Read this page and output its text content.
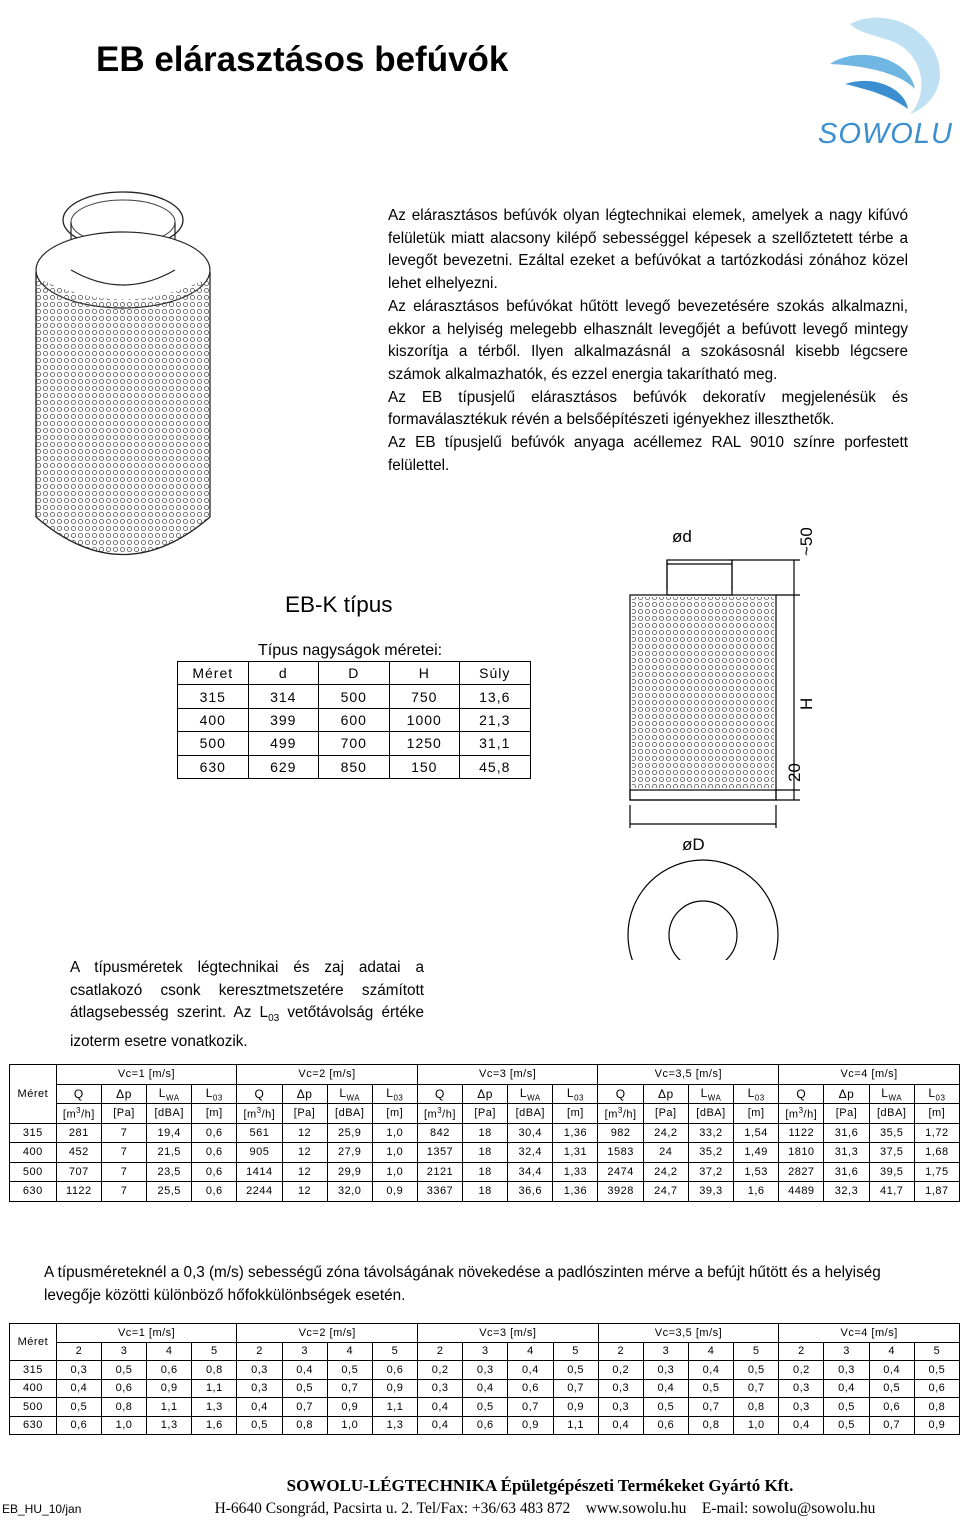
EB elárasztásos befúvók
SOWOLU

Az elárasztásos befúvók olyan légtechnikai elemek, amelyek a nagy kifúvó felületük miatt alacsony kilépő sebességgel képesek a szellőztetett térbe a levegőt bevezetni. Ezáltal ezeket a befúvókat a tartózkodási zónához közel lehet elhelyezni.

Az elárasztásos befúvókat hűtött levegő bevezetésére szokás alkalmazni, ekkor a helyiség melegebb elhasznált levegőjét a befúvott levegő mintegy kiszorítja a térből. Ilyen alkalmazásnál a szokásosnál kisebb légcsere számok alkalmazhatók, és ezzel energia takarítható meg.

Az EB típusjelű elárasztásos befúvók dekoratív megjelenésük és formaválasztékuk révén a belsőépítészeti igényekhez illeszthetők.

Az EB típusjelű befúvók anyaga acéllemez RAL 9010 színre porfestett felülettel.

ød
øD
~50
H
20
EB-K típus
Típus nagyságok méretei:
Méret	d	D	H	Súly
315	314	500	750	13,6
400	399	600	1000	21,3
500	499	700	1250	31,1
630	629	850	150	45,8
A típusméretek légtechnikai és zaj adatai a csatlakozó csonk keresztmetszetére számított átlagsebesség szerint. Az $L_{03}$ vetőtávolság értéke izoterm esetre vonatkozik.
Méret	Vc=1 [m/s]				Vc=2 [m/s]				Vc=3 [m/s]				Vc=3,5 [m/s]				Vc=4 [m/s]			
	Q	Δp	$L_{WA}$	$L_{03}$	Q	Δp	$L_{WA}$	$L_{03}$	Q	Δp	$L_{WA}$	$L_{03}$	Q	Δp	$L_{WA}$	$L_{03}$	Q	Δp	$L_{WA}$	$L_{03}$
	$[m^3/h]$	[Pa]	[dBA]	[m]	$[m^3/h]$	[Pa]	[dBA]	[m]	$[m^3/h]$	[Pa]	[dBA]	[m]	$[m^3/h]$	[Pa]	[dBA]	[m]	$[m^3/h]$	[Pa]	[dBA]	[m]
315	281	7	19,4	0,6	561	12	25,9	1,0	842	18	30,4	1,36	982	24,2	33,2	1,54	1122	31,6	35,5	1,72
400	452	7	21,5	0,6	905	12	27,9	1,0	1357	18	32,4	1,31	1583	24	35,2	1,49	1810	31,3	37,5	1,68
500	707	7	23,5	0,6	1414	12	29,9	1,0	2121	18	34,4	1,33	2474	24,2	37,2	1,53	2827	31,6	39,5	1,75
630	1122	7	25,5	0,6	2244	12	32,0	0,9	3367	18	36,6	1,36	3928	24,7	39,3	1,6	4489	32,3	41,7	1,87
A típusméreteknél a 0,3 (m/s) sebességű zóna távolságának növekedése a padlószinten mérve a befújt hűtött és a helyiség levegője közötti különböző hőfokkülönbségek esetén.
Méret	Vc=1 [m/s]				Vc=2 [m/s]				Vc=3 [m/s]				Vc=3,5 [m/s]				Vc=4 [m/s]			
	2	3	4	5	2	3	4	5	2	3	4	5	2	3	4	5	2	3	4	5
315	0,3	0,5	0,6	0,8	0,3	0,4	0,5	0,6	0,2	0,3	0,4	0,5	0,2	0,3	0,4	0,5	0,2	0,3	0,4	0,5
400	0,4	0,6	0,9	1,1	0,3	0,5	0,7	0,9	0,3	0,4	0,6	0,7	0,3	0,4	0,5	0,7	0,3	0,4	0,5	0,6
500	0,5	0,8	1,1	1,3	0,4	0,7	0,9	1,1	0,4	0,5	0,7	0,9	0,3	0,5	0,7	0,8	0,3	0,5	0,6	0,8
630	0,6	1,0	1,3	1,6	0,5	0,8	1,0	1,3	0,4	0,6	0,9	1,1	0,4	0,6	0,8	1,0	0,4	0,5	0,7	0,9
SOWOLU-LÉGTECHNIKA Épületgépészeti Termékeket Gyártó Kft.
H-6640 Csongrád, Pacsirta u. 2. Tel/Fax: +36/63 483 872    www.sowolu.hu    E-mail: sowolu@sowolu.hu
EB_HU_10/jan
